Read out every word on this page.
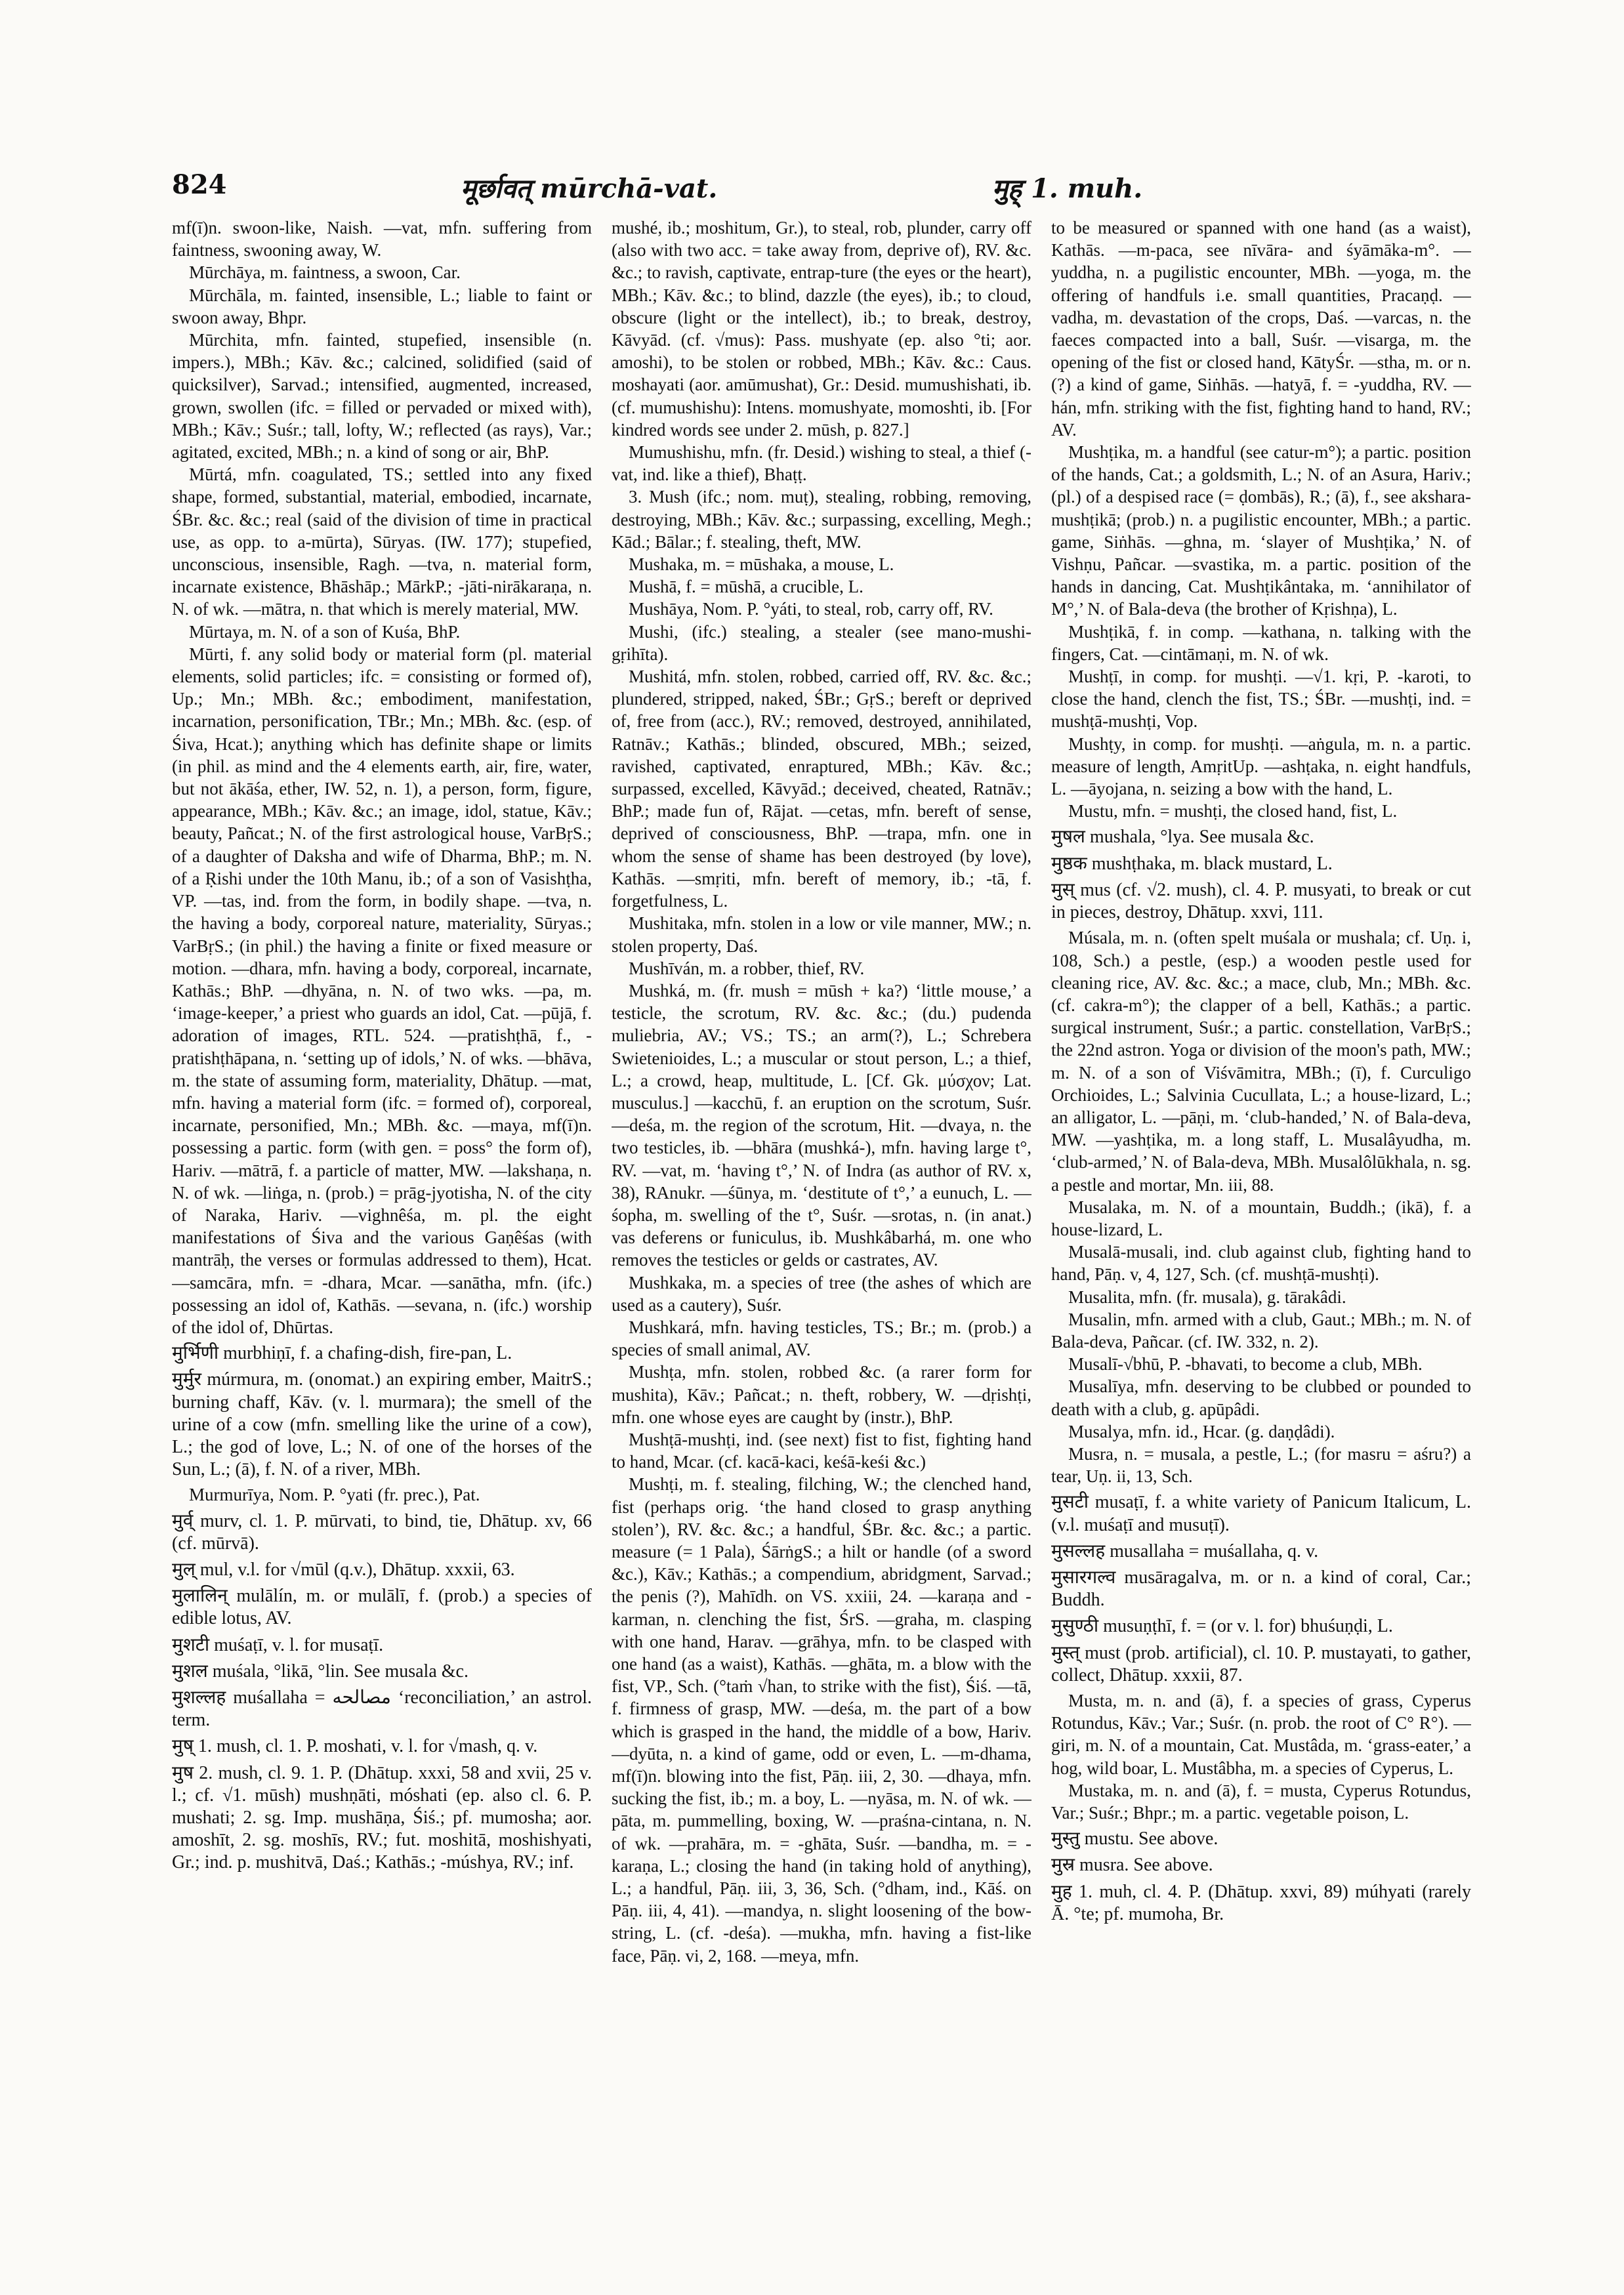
824	मूर्छावत् mūrchā-vat.	मुह् 1. muh.

mf(ī)n. swoon-like, Naish. —vat, mfn. suffering from faintness, swooning away, W.

Mūrchāya, m. faintness, a swoon, Car.

Mūrchāla, m. fainted, insensible, L.; liable to faint or swoon away, Bhpr.

Mūrchita, mfn. fainted, stupefied, insensible (n. impers.), MBh.; Kāv. &c.; calcined, solidified (said of quicksilver), Sarvad.; intensified, augmented, increased, grown, swollen (ifc. = filled or pervaded or mixed with), MBh.; Kāv.; Suśr.; tall, lofty, W.; reflected (as rays), Var.; agitated, excited, MBh.; n. a kind of song or air, BhP.

Mūrtá, mfn. coagulated, TS.; settled into any fixed shape, formed, substantial, material, embodied, incarnate, ŚBr. &c. &c.; real (said of the division of time in practical use, as opp. to a-mūrta), Sūryas. (IW. 177); stupefied, unconscious, insensible, Ragh. —tva, n. material form, incarnate existence, Bhāshāp.; MārkP.; -jāti-nirākaraṇa, n. N. of wk. —mātra, n. that which is merely material, MW.

Mūrtaya, m. N. of a son of Kuśa, BhP.

Mūrti, f. any solid body or material form (pl. material elements, solid particles; ifc. = consisting or formed of), Up.; Mn.; MBh. &c.; embodiment, manifestation, incarnation, personification, TBr.; Mn.; MBh. &c. (esp. of Śiva, Hcat.); anything which has definite shape or limits (in phil. as mind and the 4 elements earth, air, fire, water, but not ākāśa, ether, IW. 52, n. 1), a person, form, figure, appearance, MBh.; Kāv. &c.; an image, idol, statue, Kāv.; beauty, Pañcat.; N. of the first astrological house, VarBṛS.; of a daughter of Daksha and wife of Dharma, BhP.; m. N. of a Ṛishi under the 10th Manu, ib.; of a son of Vasishṭha, VP. —tas, ind. from the form, in bodily shape. —tva, n. the having a body, corporeal nature, materiality, Sūryas.; VarBṛS.; (in phil.) the having a finite or fixed measure or motion. —dhara, mfn. having a body, corporeal, incarnate, Kathās.; BhP. —dhyāna, n. N. of two wks. —pa, m. ‘image-keeper,’ a priest who guards an idol, Cat. —pūjā, f. adoration of images, RTL. 524. —pratishṭhā, f., -pratishṭhāpana, n. ‘setting up of idols,’ N. of wks. —bhāva, m. the state of assuming form, materiality, Dhātup. —mat, mfn. having a material form (ifc. = formed of), corporeal, incarnate, personified, Mn.; MBh. &c. —maya, mf(ī)n. possessing a partic. form (with gen. = poss° the form of), Hariv. —mātrā, f. a particle of matter, MW. —lakshaṇa, n. N. of wk. —liṅga, n. (prob.) = prāg-jyotisha, N. of the city of Naraka, Hariv. —vighnêśa, m. pl. the eight manifestations of Śiva and the various Gaṇêśas (with mantrāḥ, the verses or formulas addressed to them), Hcat. —samcāra, mfn. = -dhara, Mcar. —sanātha, mfn. (ifc.) possessing an idol of, Kathās. —sevana, n. (ifc.) worship of the idol of, Dhūrtas.

मुर्भिणी murbhiṇī, f. a chafing-dish, fire-pan, L.

मुर्मुर múrmura, m. (onomat.) an expiring ember, MaitrS.; burning chaff, Kāv. (v. l. murmara); the smell of the urine of a cow (mfn. smelling like the urine of a cow), L.; the god of love, L.; N. of one of the horses of the Sun, L.; (ā), f. N. of a river, MBh.

Murmurīya, Nom. P. °yati (fr. prec.), Pat.

मुर्व् murv, cl. 1. P. mūrvati, to bind, tie, Dhātup. xv, 66 (cf. mūrvā).

मुल् mul, v.l. for √mūl (q.v.), Dhātup. xxxii, 63.

मुलालिन् mulālín, m. or mulālī, f. (prob.) a species of edible lotus, AV.

मुशटी muśaṭī, v. l. for musaṭī.

मुशल muśala, °likā, °lin. See musala &c.

मुशल्लह muśallaha = مصالحه ‘reconciliation,’ an astrol. term.

मुष् 1. mush, cl. 1. P. moshati, v. l. for √mash, q. v.

मुष 2. mush, cl. 9. 1. P. (Dhātup. xxxi, 58 and xvii, 25 v. l.; cf. √1. mūsh) mushṇāti, móshati (ep. also cl. 6. P. mushati; 2. sg. Imp. mushāṇa, Śiś.; pf. mumosha; aor. amoshīt, 2. sg. moshīs, RV.; fut. moshitā, moshishyati, Gr.; ind. p. mushitvā, Daś.; Kathās.; -múshya, RV.; inf.

mushé, ib.; moshitum, Gr.), to steal, rob, plunder, carry off (also with two acc. = take away from, deprive of), RV. &c. &c.; to ravish, captivate, entrap-ture (the eyes or the heart), MBh.; Kāv. &c.; to blind, dazzle (the eyes), ib.; to cloud, obscure (light or the intellect), ib.; to break, destroy, Kāvyād. (cf. √mus): Pass. mushyate (ep. also °ti; aor. amoshi), to be stolen or robbed, MBh.; Kāv. &c.: Caus. moshayati (aor. amūmushat), Gr.: Desid. mumushishati, ib. (cf. mumushishu): Intens. momushyate, momoshti, ib. [For kindred words see under 2. mūsh, p. 827.]

Mumushishu, mfn. (fr. Desid.) wishing to steal, a thief (-vat, ind. like a thief), Bhaṭṭ.

3. Mush (ifc.; nom. muṭ), stealing, robbing, removing, destroying, MBh.; Kāv. &c.; surpassing, excelling, Megh.; Kād.; Bālar.; f. stealing, theft, MW.

Mushaka, m. = mūshaka, a mouse, L.

Mushā, f. = mūshā, a crucible, L.

Mushāya, Nom. P. °yáti, to steal, rob, carry off, RV.

Mushi, (ifc.) stealing, a stealer (see mano-mushi-gṛihīta).

Mushitá, mfn. stolen, robbed, carried off, RV. &c. &c.; plundered, stripped, naked, ŚBr.; GṛS.; bereft or deprived of, free from (acc.), RV.; removed, destroyed, annihilated, Ratnāv.; Kathās.; blinded, obscured, MBh.; seized, ravished, captivated, enraptured, MBh.; Kāv. &c.; surpassed, excelled, Kāvyād.; deceived, cheated, Ratnāv.; BhP.; made fun of, Rājat. —cetas, mfn. bereft of sense, deprived of consciousness, BhP. —trapa, mfn. one in whom the sense of shame has been destroyed (by love), Kathās. —smṛiti, mfn. bereft of memory, ib.; -tā, f. forgetfulness, L.

Mushitaka, mfn. stolen in a low or vile manner, MW.; n. stolen property, Daś.

Mushīván, m. a robber, thief, RV.

Mushká, m. (fr. mush = mūsh + ka?) ‘little mouse,’ a testicle, the scrotum, RV. &c. &c.; (du.) pudenda muliebria, AV.; VS.; TS.; an arm(?), L.; Schrebera Swietenioides, L.; a muscular or stout person, L.; a thief, L.; a crowd, heap, multitude, L. [Cf. Gk. μύσχον; Lat. musculus.] —kacchū, f. an eruption on the scrotum, Suśr. —deśa, m. the region of the scrotum, Hit. —dvaya, n. the two testicles, ib. —bhāra (mushká-), mfn. having large t°, RV. —vat, m. ‘having t°,’ N. of Indra (as author of RV. x, 38), RAnukr. —śūnya, m. ‘destitute of t°,’ a eunuch, L. —śopha, m. swelling of the t°, Suśr. —srotas, n. (in anat.) vas deferens or funiculus, ib. Mushkâbarhá, m. one who removes the testicles or gelds or castrates, AV.

Mushkaka, m. a species of tree (the ashes of which are used as a cautery), Suśr.

Mushkará, mfn. having testicles, TS.; Br.; m. (prob.) a species of small animal, AV.

Mushṭa, mfn. stolen, robbed &c. (a rarer form for mushita), Kāv.; Pañcat.; n. theft, robbery, W. —dṛishṭi, mfn. one whose eyes are caught by (instr.), BhP.

Mushṭā-mushṭi, ind. (see next) fist to fist, fighting hand to hand, Mcar. (cf. kacā-kaci, keśā-keśi &c.)

Mushṭi, m. f. stealing, filching, W.; the clenched hand, fist (perhaps orig. ‘the hand closed to grasp anything stolen’), RV. &c. &c.; a handful, ŚBr. &c. &c.; a partic. measure (= 1 Pala), ŚārṅgS.; a hilt or handle (of a sword &c.), Kāv.; Kathās.; a compendium, abridgment, Sarvad.; the penis (?), Mahīdh. on VS. xxiii, 24. —karaṇa and -karman, n. clenching the fist, ŚrS. —graha, m. clasping with one hand, Harav. —grāhya, mfn. to be clasped with one hand (as a waist), Kathās. —ghāta, m. a blow with the fist, VP., Sch. (°taṁ √han, to strike with the fist), Śiś. —tā, f. firmness of grasp, MW. —deśa, m. the part of a bow which is grasped in the hand, the middle of a bow, Hariv. —dyūta, n. a kind of game, odd or even, L. —m-dhama, mf(ī)n. blowing into the fist, Pāṇ. iii, 2, 30. —dhaya, mfn. sucking the fist, ib.; m. a boy, L. —nyāsa, m. N. of wk. —pāta, m. pummelling, boxing, W. —praśna-cintana, n. N. of wk. —prahāra, m. = -ghāta, Suśr. —bandha, m. = -karaṇa, L.; closing the hand (in taking hold of anything), L.; a handful, Pāṇ. iii, 3, 36, Sch. (°dham, ind., Kāś. on Pāṇ. iii, 4, 41). —mandya, n. slight loosening of the bow-string, L. (cf. -deśa). —mukha, mfn. having a fist-like face, Pāṇ. vi, 2, 168. —meya, mfn.

to be measured or spanned with one hand (as a waist), Kathās. —m-paca, see nīvāra- and śyāmāka-m°. —yuddha, n. a pugilistic encounter, MBh. —yoga, m. the offering of handfuls i.e. small quantities, Pracaṇḍ. —vadha, m. devastation of the crops, Daś. —varcas, n. the faeces compacted into a ball, Suśr. —visarga, m. the opening of the fist or closed hand, KātyŚr. —stha, m. or n. (?) a kind of game, Siṅhās. —hatyā, f. = -yuddha, RV. —hán, mfn. striking with the fist, fighting hand to hand, RV.; AV.

Mushṭika, m. a handful (see catur-m°); a partic. position of the hands, Cat.; a goldsmith, L.; N. of an Asura, Hariv.; (pl.) of a despised race (= ḍombās), R.; (ā), f., see akshara-mushṭikā; (prob.) n. a pugilistic encounter, MBh.; a partic. game, Siṅhās. —ghna, m. ‘slayer of Mushṭika,’ N. of Vishṇu, Pañcar. —svastika, m. a partic. position of the hands in dancing, Cat. Mushṭikântaka, m. ‘annihilator of M°,’ N. of Bala-deva (the brother of Kṛishṇa), L.

Mushṭikā, f. in comp. —kathana, n. talking with the fingers, Cat. —cintāmaṇi, m. N. of wk.

Mushṭī, in comp. for mushṭi. —√1. kṛi, P. -karoti, to close the hand, clench the fist, TS.; ŚBr. —mushṭi, ind. = mushṭā-mushṭi, Vop.

Mushṭy, in comp. for mushṭi. —aṅgula, m. n. a partic. measure of length, AmṛitUp. —ashṭaka, n. eight handfuls, L. —āyojana, n. seizing a bow with the hand, L.

Mustu, mfn. = mushṭi, the closed hand, fist, L.

मुषल mushala, °lya. See musala &c.

मुष्ठक mushṭhaka, m. black mustard, L.

मुस् mus (cf. √2. mush), cl. 4. P. musyati, to break or cut in pieces, destroy, Dhātup. xxvi, 111.

Músala, m. n. (often spelt muśala or mushala; cf. Uṇ. i, 108, Sch.) a pestle, (esp.) a wooden pestle used for cleaning rice, AV. &c. &c.; a mace, club, Mn.; MBh. &c. (cf. cakra-m°); the clapper of a bell, Kathās.; a partic. surgical instrument, Suśr.; a partic. constellation, VarBṛS.; the 22nd astron. Yoga or division of the moon's path, MW.; m. N. of a son of Viśvāmitra, MBh.; (ī), f. Curculigo Orchioides, L.; Salvinia Cucullata, L.; a house-lizard, L.; an alligator, L. —pāṇi, m. ‘club-handed,’ N. of Bala-deva, MW. —yashṭika, m. a long staff, L. Musalâyudha, m. ‘club-armed,’ N. of Bala-deva, MBh. Musalôlūkhala, n. sg. a pestle and mortar, Mn. iii, 88.

Musalaka, m. N. of a mountain, Buddh.; (ikā), f. a house-lizard, L.

Musalā-musali, ind. club against club, fighting hand to hand, Pāṇ. v, 4, 127, Sch. (cf. mushṭā-mushṭi).

Musalita, mfn. (fr. musala), g. tārakâdi.

Musalin, mfn. armed with a club, Gaut.; MBh.; m. N. of Bala-deva, Pañcar. (cf. IW. 332, n. 2).

Musalī-√bhū, P. -bhavati, to become a club, MBh.

Musalīya, mfn. deserving to be clubbed or pounded to death with a club, g. apūpâdi.

Musalya, mfn. id., Hcar. (g. daṇḍâdi).

Musra, n. = musala, a pestle, L.; (for masru = aśru?) a tear, Uṇ. ii, 13, Sch.

मुसटी musaṭī, f. a white variety of Panicum Italicum, L. (v.l. muśaṭī and musuṭī).

मुसल्लह musallaha = muśallaha, q. v.

मुसारगल्व musāragalva, m. or n. a kind of coral, Car.; Buddh.

मुसुण्ठी musuṇṭhī, f. = (or v. l. for) bhuśuṇḍi, L.

मुस्त् must (prob. artificial), cl. 10. P. mustayati, to gather, collect, Dhātup. xxxii, 87.

Musta, m. n. and (ā), f. a species of grass, Cyperus Rotundus, Kāv.; Var.; Suśr. (n. prob. the root of C° R°). —giri, m. N. of a mountain, Cat. Mustâda, m. ‘grass-eater,’ a hog, wild boar, L. Mustâbha, m. a species of Cyperus, L.

Mustaka, m. n. and (ā), f. = musta, Cyperus Rotundus, Var.; Suśr.; Bhpr.; m. a partic. vegetable poison, L.

मुस्तु mustu. See above.

मुस्र musra. See above.

मुह 1. muh, cl. 4. P. (Dhātup. xxvi, 89) múhyati (rarely Ā. °te; pf. mumoha, Br.
